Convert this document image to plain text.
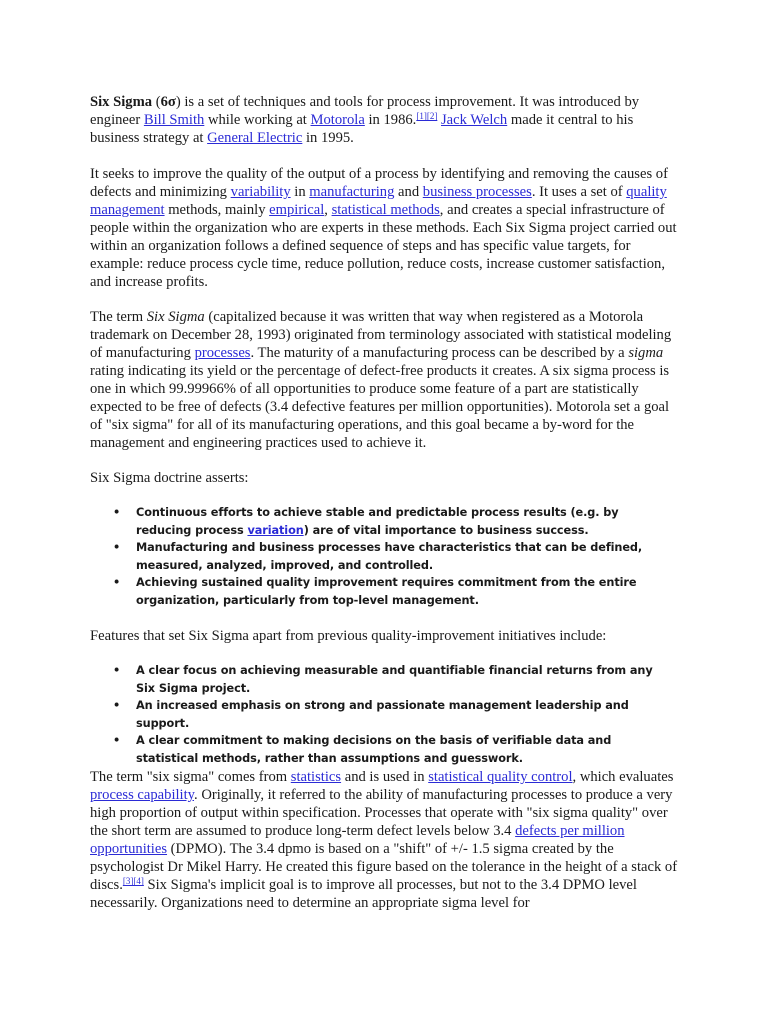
Six Sigma (6σ) is a set of techniques and tools for process improvement. It was introduced by engineer Bill Smith while working at Motorola in 1986.[1][2] Jack Welch made it central to his business strategy at General Electric in 1995.

It seeks to improve the quality of the output of a process by identifying and removing the causes of defects and minimizing variability in manufacturing and business processes. It uses a set of quality management methods, mainly empirical, statistical methods, and creates a special infrastructure of people within the organization who are experts in these methods. Each Six Sigma project carried out within an organization follows a defined sequence of steps and has specific value targets, for example: reduce process cycle time, reduce pollution, reduce costs, increase customer satisfaction, and increase profits.

The term Six Sigma (capitalized because it was written that way when registered as a Motorola trademark on December 28, 1993) originated from terminology associated with statistical modeling of manufacturing processes. The maturity of a manufacturing process can be described by a sigma rating indicating its yield or the percentage of defect-free products it creates. A six sigma process is one in which 99.99966% of all opportunities to produce some feature of a part are statistically expected to be free of defects (3.4 defective features per million opportunities). Motorola set a goal of "six sigma" for all of its manufacturing operations, and this goal became a by-word for the management and engineering practices used to achieve it.

Six Sigma doctrine asserts:

• Continuous efforts to achieve stable and predictable process results (e.g. by reducing process variation) are of vital importance to business success.
• Manufacturing and business processes have characteristics that can be defined, measured, analyzed, improved, and controlled.
• Achieving sustained quality improvement requires commitment from the entire organization, particularly from top-level management.

Features that set Six Sigma apart from previous quality-improvement initiatives include:

• A clear focus on achieving measurable and quantifiable financial returns from any Six Sigma project.
• An increased emphasis on strong and passionate management leadership and support.
• A clear commitment to making decisions on the basis of verifiable data and statistical methods, rather than assumptions and guesswork.

The term "six sigma" comes from statistics and is used in statistical quality control, which evaluates process capability. Originally, it referred to the ability of manufacturing processes to produce a very high proportion of output within specification. Processes that operate with "six sigma quality" over the short term are assumed to produce long-term defect levels below 3.4 defects per million opportunities (DPMO). The 3.4 dpmo is based on a "shift" of +/- 1.5 sigma created by the psychologist Dr Mikel Harry. He created this figure based on the tolerance in the height of a stack of discs.[3][4] Six Sigma's implicit goal is to improve all processes, but not to the 3.4 DPMO level necessarily. Organizations need to determine an appropriate sigma level for
